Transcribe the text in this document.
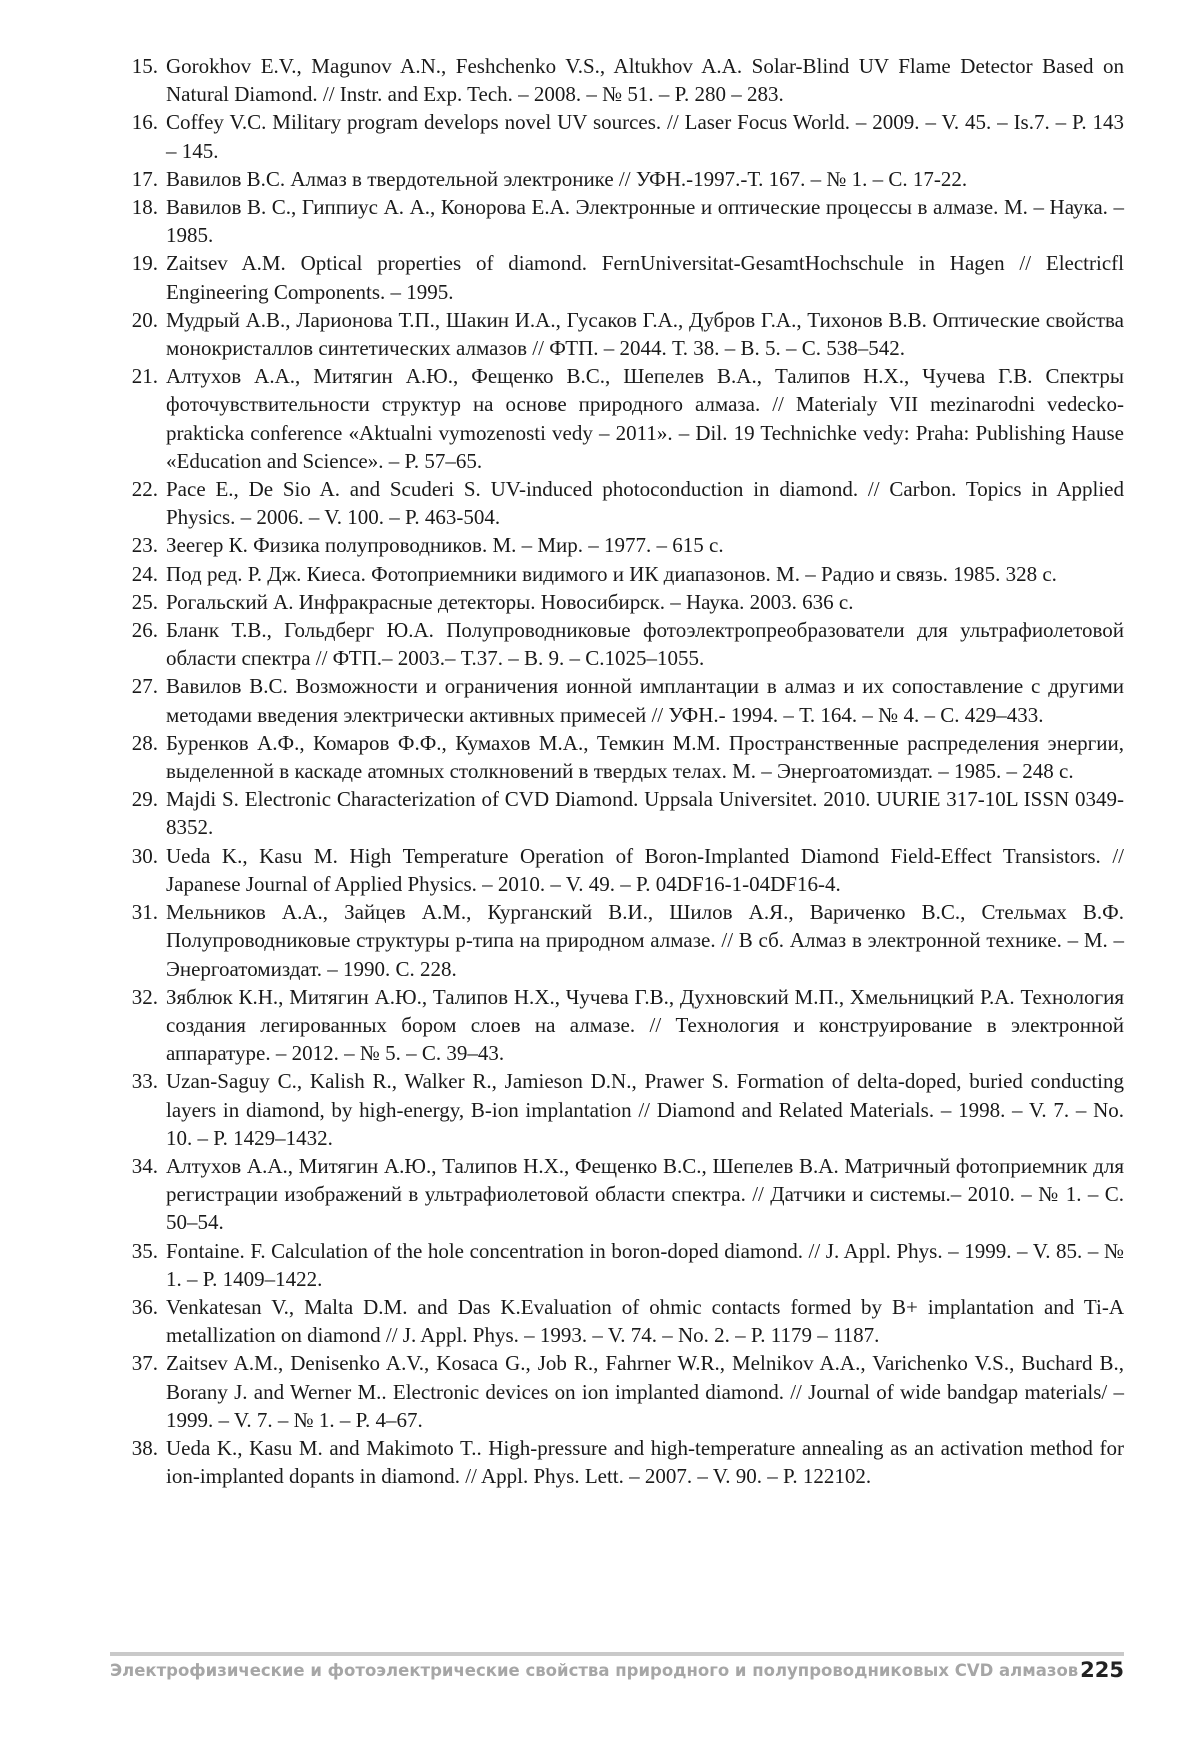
15. Gorokhov E.V., Magunov A.N., Feshchenko V.S., Altukhov A.A. Solar-Blind UV Flame Detector Based on Natural Diamond. // Instr. and Exp. Tech. – 2008. – № 51. – P. 280 – 283.
16. Coffey V.C. Military program develops novel UV sources. // Laser Focus World. – 2009. – V. 45. – Is.7. – P. 143 – 145.
17. Вавилов В.С. Алмаз в твердотельной электронике // УФН.-1997.-Т. 167. – № 1. – С. 17-22.
18. Вавилов В. С., Гиппиус А. А., Конорова Е.А. Электронные и оптические процессы в алмазе. М. – Наука. – 1985.
19. Zaitsev A.M. Optical properties of diamond. FernUniversitat-GesamtHochschule in Hagen // Electricfl Engineering Components. – 1995.
20. Мудрый А.В., Ларионова Т.П., Шакин И.А., Гусаков Г.А., Дубров Г.А., Тихонов В.В. Оптические свойства монокристаллов синтетических алмазов // ФТП. – 2044. Т. 38. – В. 5. – С. 538–542.
21. Алтухов А.А., Митягин А.Ю., Фещенко В.С., Шепелев В.А., Талипов Н.Х., Чучева Г.В. Спектры фоточувствительности структур на основе природного алмаза. // Materialy VII mezinarodni vedecko-prakticka conference «Aktualni vymozenosti vedy – 2011». – Dil. 19 Technichke vedy: Praha: Publishing Hause «Education and Science». – P. 57–65.
22. Pace E., De Sio A. and Scuderi S. UV-induced photoconduction in diamond. // Carbon. Topics in Applied Physics. – 2006. – V. 100. – P. 463-504.
23. Зеегер К. Физика полупроводников. М. – Мир. – 1977. – 615 с.
24. Под ред. Р. Дж. Киеса. Фотоприемники видимого и ИК диапазонов. М. – Радио и связь. 1985. 328 с.
25. Рогальский А. Инфракрасные детекторы. Новосибирск. – Наука. 2003. 636 с.
26. Бланк Т.В., Гольдберг Ю.А. Полупроводниковые фотоэлектропреобразователи для ультрафиолетовой области спектра // ФТП.– 2003.– Т.37. – В. 9. – С.1025–1055.
27. Вавилов В.С. Возможности и ограничения ионной имплантации в алмаз и их сопоставление с другими методами введения электрически активных примесей // УФН.- 1994. – Т. 164. – № 4. – С. 429–433.
28. Буренков А.Ф., Комаров Ф.Ф., Кумахов М.А., Темкин М.М. Пространственные распределения энергии, выделенной в каскаде атомных столкновений в твердых телах. М. – Энергоатомиздат. – 1985. – 248 с.
29. Majdi S. Electronic Characterization of CVD Diamond. Uppsala Universitet. 2010. UURIE 317-10L ISSN 0349-8352.
30. Ueda K., Kasu M. High Temperature Operation of Boron-Implanted Diamond Field-Effect Transistors. // Japanese Journal of Applied Physics. – 2010. – V. 49. – P. 04DF16-1-04DF16-4.
31. Мельников А.А., Зайцев А.М., Курганский В.И., Шилов А.Я., Вариченко В.С., Стельмах В.Ф. Полупроводниковые структуры р-типа на природном алмазе. // В сб. Алмаз в электронной технике. – М. – Энергоатомиздат. – 1990. С. 228.
32. Зяблюк К.Н., Митягин А.Ю., Талипов Н.Х., Чучева Г.В., Духновский М.П., Хмельницкий Р.А. Технология создания легированных бором слоев на алмазе. // Технология и конструирование в электронной аппаратуре. – 2012. – № 5. – С. 39–43.
33. Uzan-Saguy C., Kalish R., Walker R., Jamieson D.N., Prawer S. Formation of delta-doped, buried conducting layers in diamond, by high-energy, B-ion implantation // Diamond and Related Materials. – 1998. – V. 7. – No. 10. – P. 1429–1432.
34. Алтухов А.А., Митягин А.Ю., Талипов Н.Х., Фещенко В.С., Шепелев В.А. Матричный фотоприемник для регистрации изображений в ультрафиолетовой области спектра. // Датчики и системы.– 2010. – № 1. – С. 50–54.
35. Fontaine. F. Calculation of the hole concentration in boron-doped diamond. // J. Appl. Phys. – 1999. – V. 85. – № 1. – P. 1409–1422.
36. Venkatesan V., Malta D.M. and Das K.Evaluation of ohmic contacts formed by B+ implantation and Ti-A metallization on diamond // J. Appl. Phys. – 1993. – V. 74. – No. 2. – P. 1179 – 1187.
37. Zaitsev A.M., Denisenko A.V., Kosaca G., Job R., Fahrner W.R., Melnikov A.A., Varichenko V.S., Buchard B., Borany J. and Werner M.. Electronic devices on ion implanted diamond. // Journal of wide bandgap materials/ – 1999. – V. 7. – № 1. – P. 4–67.
38. Ueda K., Kasu M. and Makimoto T.. High-pressure and high-temperature annealing as an activation method for ion-implanted dopants in diamond. // Appl. Phys. Lett. – 2007. – V. 90. – P. 122102.
Электрофизические и фотоэлектрические свойства природного и полупроводниковых CVD алмазов 225
